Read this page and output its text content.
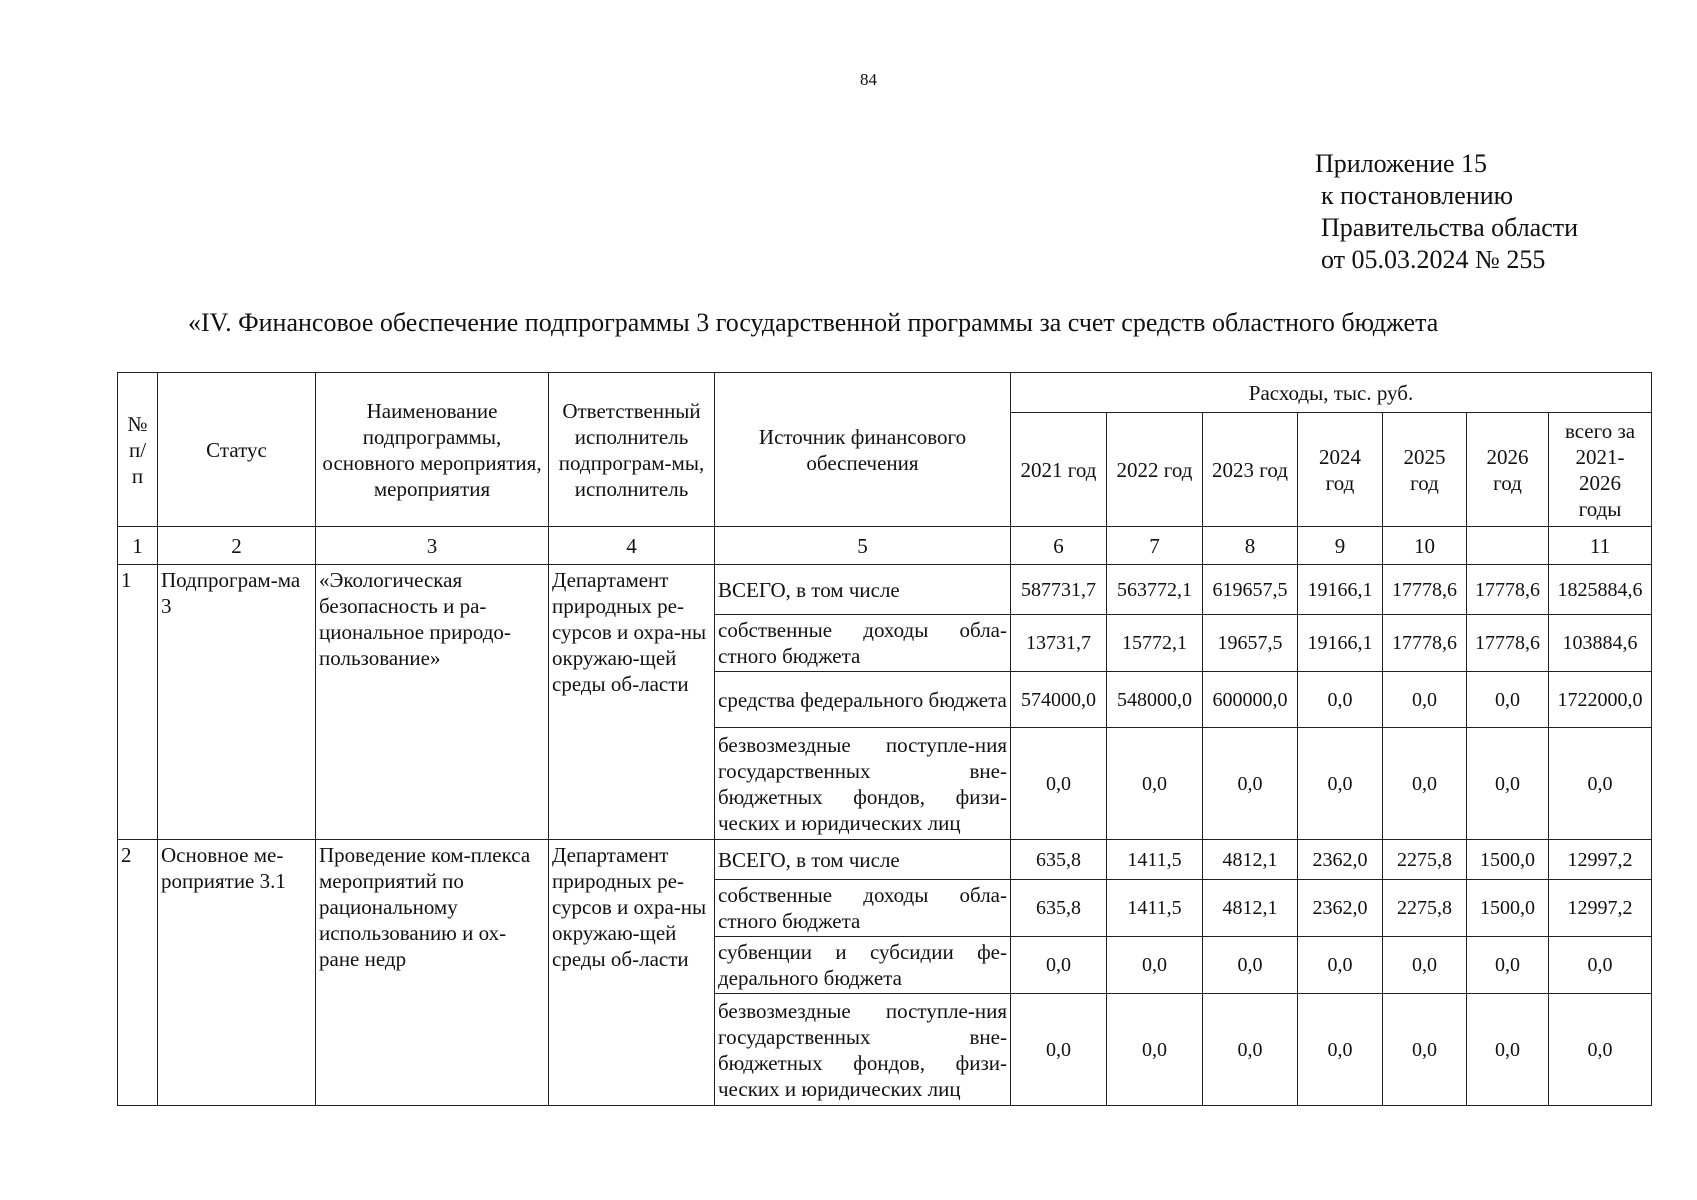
84
Приложение 15
к постановлению
Правительства области
от 05.03.2024 № 255
«IV. Финансовое обеспечение подпрограммы 3 государственной программы за счет средств областного бюджета
№ п/ п	Статус	Наименование подпрограммы, основного мероприятия, мероприятия	Ответственный исполнитель подпрограм-мы, исполнитель	Источник финансового обеспечения	Расходы, тыс. руб.						
					2021 год	2022 год	2023 год	2024 год	2025 год	2026 год	всего за 2021-2026 годы
1	2	3	4	5	6	7	8	9	10		11
1	Подпрограм-ма 3	«Экологическая безопасность и ра-циональное природо-пользование»	Департамент природных ре-сурсов и охра-ны окружаю-щей среды об-ласти	ВСЕГО, в том числе	587731,7	563772,1	619657,5	19166,1	17778,6	17778,6	1825884,6
				собственные доходы обла-стного бюджета	13731,7	15772,1	19657,5	19166,1	17778,6	17778,6	103884,6
				средства федерального бюджета	574000,0	548000,0	600000,0	0,0	0,0	0,0	1722000,0
				безвозмездные поступле-ния государственных вне-бюджетных фондов, физи-ческих и юридических лиц	0,0	0,0	0,0	0,0	0,0	0,0	0,0
2	Основное ме-роприятие 3.1	Проведение ком-плекса мероприятий по рациональному использованию и ох-ране недр	Департамент природных ре-сурсов и охра-ны окружаю-щей среды об-ласти	ВСЕГО, в том числе	635,8	1411,5	4812,1	2362,0	2275,8	1500,0	12997,2
				собственные доходы обла-стного бюджета	635,8	1411,5	4812,1	2362,0	2275,8	1500,0	12997,2
				субвенции и субсидии фе-дерального бюджета	0,0	0,0	0,0	0,0	0,0	0,0	0,0
				безвозмездные поступле-ния государственных вне-бюджетных фондов, физи-ческих и юридических лиц	0,0	0,0	0,0	0,0	0,0	0,0	0,0
